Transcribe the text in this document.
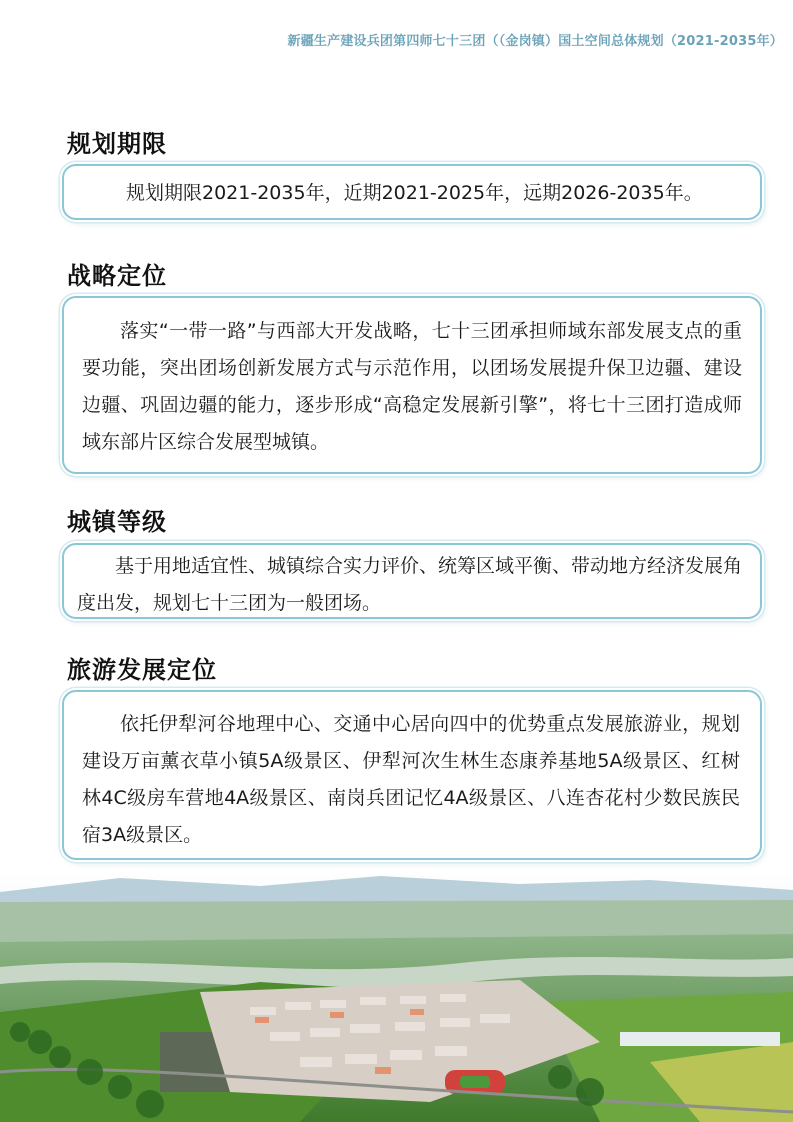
新疆生产建设兵团第四师七十三团（（金岗镇）国土空间总体规划（2021-2035年）
规划期限

规划期限2021-2035年，近期2021-2025年，远期2026-2035年。

战略定位

落实“一带一路”与西部大开发战略，七十三团承担师域东部发展支点的重要功能，突出团场创新发展方式与示范作用，以团场发展提升保卫边疆、建设边疆、巩固边疆的能力，逐步形成“高稳定发展新引擎”，将七十三团打造成师域东部片区综合发展型城镇。

城镇等级

基于用地适宜性、城镇综合实力评价、统筹区域平衡、带动地方经济发展角度出发，规划七十三团为一般团场。

旅游发展定位

依托伊犁河谷地理中心、交通中心居向四中的优势重点发展旅游业，规划建设万亩薰衣草小镇5A级景区、伊犁河次生林生态康养基地5A级景区、红树林4C级房车营地4A级景区、南岗兵团记忆4A级景区、八连杏花村少数民族民宿3A级景区。
